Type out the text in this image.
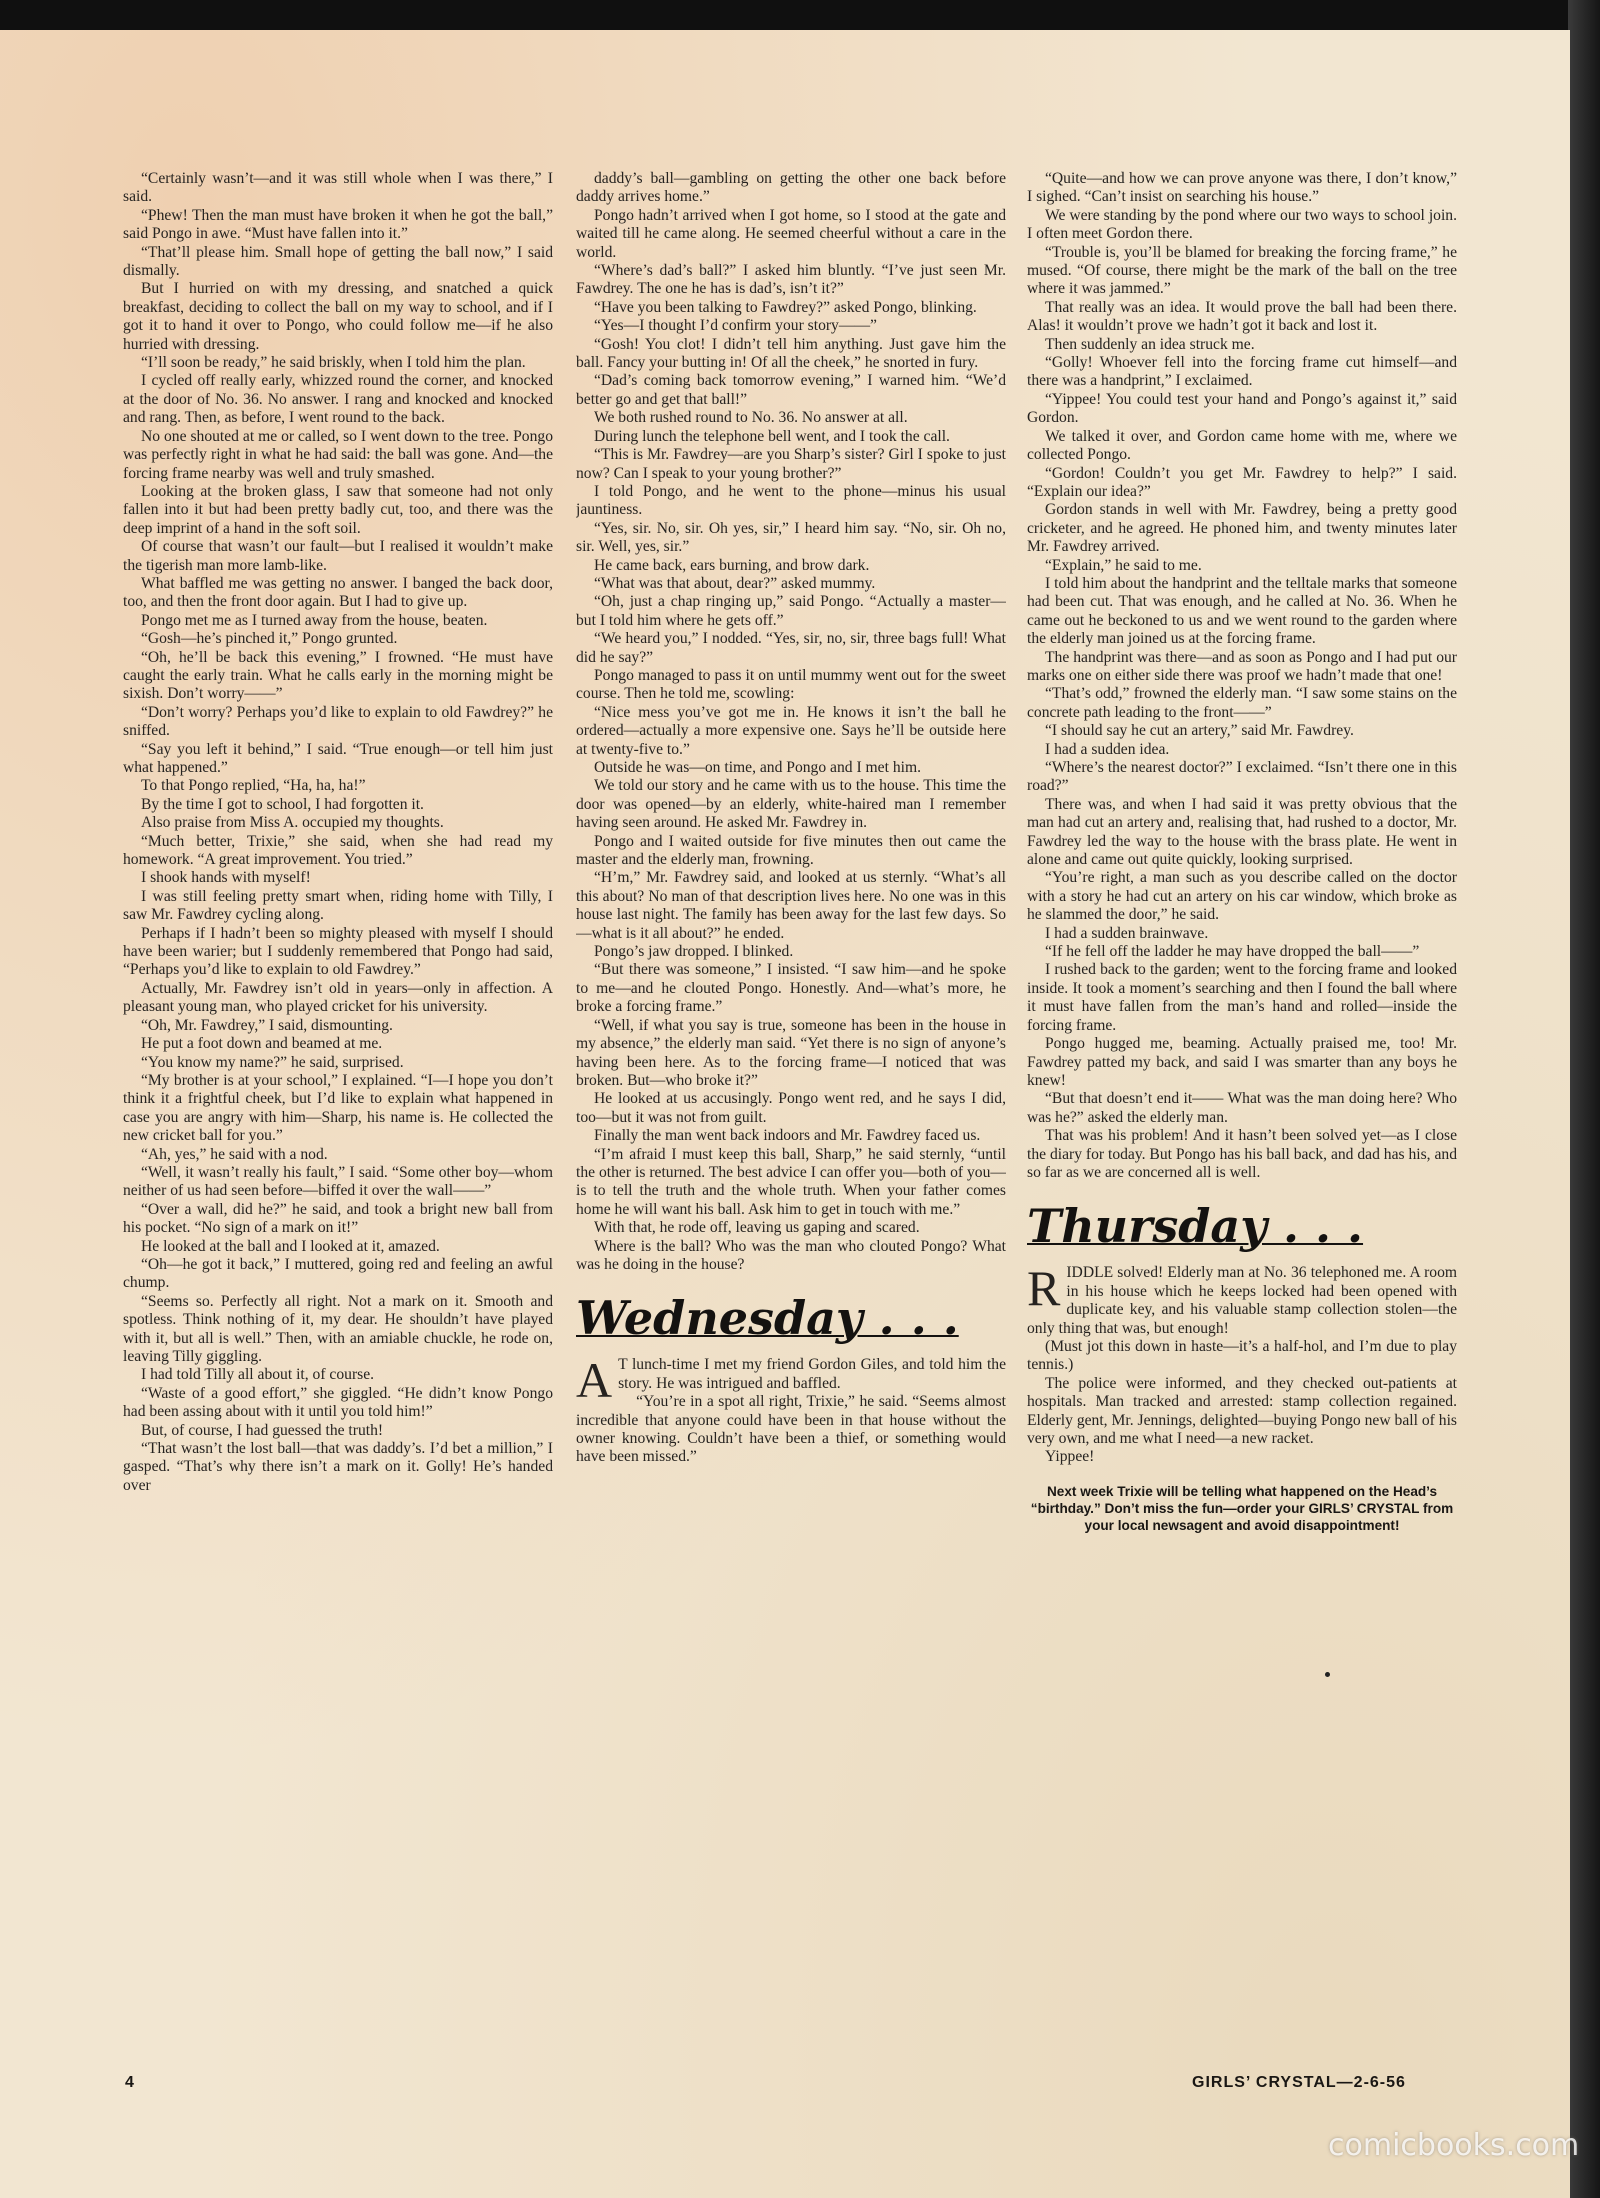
“Certainly wasn’t—and it was still whole when I was there,” I said.

“Phew! Then the man must have broken it when he got the ball,” said Pongo in awe. “Must have fallen into it.”

“That’ll please him. Small hope of getting the ball now,” I said dismally.

But I hurried on with my dressing, and snatched a quick breakfast, deciding to collect the ball on my way to school, and if I got it to hand it over to Pongo, who could follow me—if he also hurried with dressing.

“I’ll soon be ready,” he said briskly, when I told him the plan.

I cycled off really early, whizzed round the corner, and knocked at the door of No. 36. No answer. I rang and knocked and knocked and rang. Then, as before, I went round to the back.

No one shouted at me or called, so I went down to the tree. Pongo was perfectly right in what he had said: the ball was gone. And—the forcing frame nearby was well and truly smashed.

Looking at the broken glass, I saw that someone had not only fallen into it but had been pretty badly cut, too, and there was the deep imprint of a hand in the soft soil.

Of course that wasn’t our fault—but I realised it wouldn’t make the tigerish man more lamb-like.

What baffled me was getting no answer. I banged the back door, too, and then the front door again. But I had to give up.

Pongo met me as I turned away from the house, beaten.

“Gosh—he’s pinched it,” Pongo grunted.

“Oh, he’ll be back this evening,” I frowned. “He must have caught the early train. What he calls early in the morning might be sixish. Don’t worry——”

“Don’t worry? Perhaps you’d like to explain to old Fawdrey?” he sniffed.

“Say you left it behind,” I said. “True enough—or tell him just what happened.”

To that Pongo replied, “Ha, ha, ha!”

By the time I got to school, I had forgotten it.

Also praise from Miss A. occupied my thoughts.

“Much better, Trixie,” she said, when she had read my homework. “A great improvement. You tried.”

I shook hands with myself!

I was still feeling pretty smart when, riding home with Tilly, I saw Mr. Fawdrey cycling along.

Perhaps if I hadn’t been so mighty pleased with myself I should have been warier; but I suddenly remembered that Pongo had said, “Perhaps you’d like to explain to old Fawdrey.”

Actually, Mr. Fawdrey isn’t old in years—only in affection. A pleasant young man, who played cricket for his university.

“Oh, Mr. Fawdrey,” I said, dismounting.

He put a foot down and beamed at me.

“You know my name?” he said, surprised.

“My brother is at your school,” I explained. “I—I hope you don’t think it a frightful cheek, but I’d like to explain what happened in case you are angry with him—Sharp, his name is. He collected the new cricket ball for you.”

“Ah, yes,” he said with a nod.

“Well, it wasn’t really his fault,” I said. “Some other boy—whom neither of us had seen before—biffed it over the wall——”

“Over a wall, did he?” he said, and took a bright new ball from his pocket. “No sign of a mark on it!”

He looked at the ball and I looked at it, amazed.

“Oh—he got it back,” I muttered, going red and feeling an awful chump.

“Seems so. Perfectly all right. Not a mark on it. Smooth and spotless. Think nothing of it, my dear. He shouldn’t have played with it, but all is well.” Then, with an amiable chuckle, he rode on, leaving Tilly giggling.

I had told Tilly all about it, of course.

“Waste of a good effort,” she giggled. “He didn’t know Pongo had been assing about with it until you told him!”

But, of course, I had guessed the truth!

“That wasn’t the lost ball—that was daddy’s. I’d bet a million,” I gasped. “That’s why there isn’t a mark on it. Golly! He’s handed over

daddy’s ball—gambling on getting the other one back before daddy arrives home.”

Pongo hadn’t arrived when I got home, so I stood at the gate and waited till he came along. He seemed cheerful without a care in the world.

“Where’s dad’s ball?” I asked him bluntly. “I’ve just seen Mr. Fawdrey. The one he has is dad’s, isn’t it?”

“Have you been talking to Fawdrey?” asked Pongo, blinking.

“Yes—I thought I’d confirm your story——”

“Gosh! You clot! I didn’t tell him anything. Just gave him the ball. Fancy your butting in! Of all the cheek,” he snorted in fury.

“Dad’s coming back tomorrow evening,” I warned him. “We’d better go and get that ball!”

We both rushed round to No. 36. No answer at all.

During lunch the telephone bell went, and I took the call.

“This is Mr. Fawdrey—are you Sharp’s sister? Girl I spoke to just now? Can I speak to your young brother?”

I told Pongo, and he went to the phone—minus his usual jauntiness.

“Yes, sir. No, sir. Oh yes, sir,” I heard him say. “No, sir. Oh no, sir. Well, yes, sir.”

He came back, ears burning, and brow dark.

“What was that about, dear?” asked mummy.

“Oh, just a chap ringing up,” said Pongo. “Actually a master—but I told him where he gets off.”

“We heard you,” I nodded. “Yes, sir, no, sir, three bags full! What did he say?”

Pongo managed to pass it on until mummy went out for the sweet course. Then he told me, scowling:

“Nice mess you’ve got me in. He knows it isn’t the ball he ordered—actually a more expensive one. Says he’ll be outside here at twenty-five to.”

Outside he was—on time, and Pongo and I met him.

We told our story and he came with us to the house. This time the door was opened—by an elderly, white-haired man I remember having seen around. He asked Mr. Fawdrey in.

Pongo and I waited outside for five minutes then out came the master and the elderly man, frowning.

“H’m,” Mr. Fawdrey said, and looked at us sternly. “What’s all this about? No man of that description lives here. No one was in this house last night. The family has been away for the last few days. So—what is it all about?” he ended.

Pongo’s jaw dropped. I blinked.

“But there was someone,” I insisted. “I saw him—and he spoke to me—and he clouted Pongo. Honestly. And—what’s more, he broke a forcing frame.”

“Well, if what you say is true, someone has been in the house in my absence,” the elderly man said. “Yet there is no sign of anyone’s having been here. As to the forcing frame—I noticed that was broken. But—who broke it?”

He looked at us accusingly. Pongo went red, and he says I did, too—but it was not from guilt.

Finally the man went back indoors and Mr. Fawdrey faced us.

“I’m afraid I must keep this ball, Sharp,” he said sternly, “until the other is returned. The best advice I can offer you—both of you—is to tell the truth and the whole truth. When your father comes home he will want his ball. Ask him to get in touch with me.”

With that, he rode off, leaving us gaping and scared.

Where is the ball? Who was the man who clouted Pongo? What was he doing in the house?

Wednesday . . .

A T lunch-time I met my friend Gordon Giles, and told him the story. He was intrigued and baffled.

“You’re in a spot all right, Trixie,” he said. “Seems almost incredible that anyone could have been in that house without the owner knowing. Couldn’t have been a thief, or something would have been missed.”

“Quite—and how we can prove anyone was there, I don’t know,” I sighed. “Can’t insist on searching his house.”

We were standing by the pond where our two ways to school join. I often meet Gordon there.

“Trouble is, you’ll be blamed for breaking the forcing frame,” he mused. “Of course, there might be the mark of the ball on the tree where it was jammed.”

That really was an idea. It would prove the ball had been there. Alas! it wouldn’t prove we hadn’t got it back and lost it.

Then suddenly an idea struck me.

“Golly! Whoever fell into the forcing frame cut himself—and there was a handprint,” I exclaimed.

“Yippee! You could test your hand and Pongo’s against it,” said Gordon.

We talked it over, and Gordon came home with me, where we collected Pongo.

“Gordon! Couldn’t you get Mr. Fawdrey to help?” I said. “Explain our idea?”

Gordon stands in well with Mr. Fawdrey, being a pretty good cricketer, and he agreed. He phoned him, and twenty minutes later Mr. Fawdrey arrived.

“Explain,” he said to me.

I told him about the handprint and the telltale marks that someone had been cut. That was enough, and he called at No. 36. When he came out he beckoned to us and we went round to the garden where the elderly man joined us at the forcing frame.

The handprint was there—and as soon as Pongo and I had put our marks one on either side there was proof we hadn’t made that one!

“That’s odd,” frowned the elderly man. “I saw some stains on the concrete path leading to the front——”

“I should say he cut an artery,” said Mr. Fawdrey.

I had a sudden idea.

“Where’s the nearest doctor?” I exclaimed. “Isn’t there one in this road?”

There was, and when I had said it was pretty obvious that the man had cut an artery and, realising that, had rushed to a doctor, Mr. Fawdrey led the way to the house with the brass plate. He went in alone and came out quite quickly, looking surprised.

“You’re right, a man such as you describe called on the doctor with a story he had cut an artery on his car window, which broke as he slammed the door,” he said.

I had a sudden brainwave.

“If he fell off the ladder he may have dropped the ball——”

I rushed back to the garden; went to the forcing frame and looked inside. It took a moment’s searching and then I found the ball where it must have fallen from the man’s hand and rolled—inside the forcing frame.

Pongo hugged me, beaming. Actually praised me, too! Mr. Fawdrey patted my back, and said I was smarter than any boys he knew!

“But that doesn’t end it—— What was the man doing here? Who was he?” asked the elderly man.

That was his problem! And it hasn’t been solved yet—as I close the diary for today. But Pongo has his ball back, and dad has his, and so far as we are concerned all is well.

Thursday . . .

RIDDLE solved! Elderly man at No. 36 telephoned me. A room in his house which he keeps locked had been opened with duplicate key, and his valuable stamp collection stolen—the only thing that was, but enough!

(Must jot this down in haste—it’s a half-hol, and I’m due to play tennis.)

The police were informed, and they checked out-patients at hospitals. Man tracked and arrested: stamp collection regained. Elderly gent, Mr. Jennings, delighted—buying Pongo new ball of his very own, and me what I need—a new racket.

Yippee!

Next week Trixie will be telling what happened on the Head’s “birthday.” Don’t miss the fun—order your GIRLS’ CRYSTAL from your local newsagent and avoid disappointment!
4	GIRLS’ CRYSTAL—2-6-56
comicbooks.com
